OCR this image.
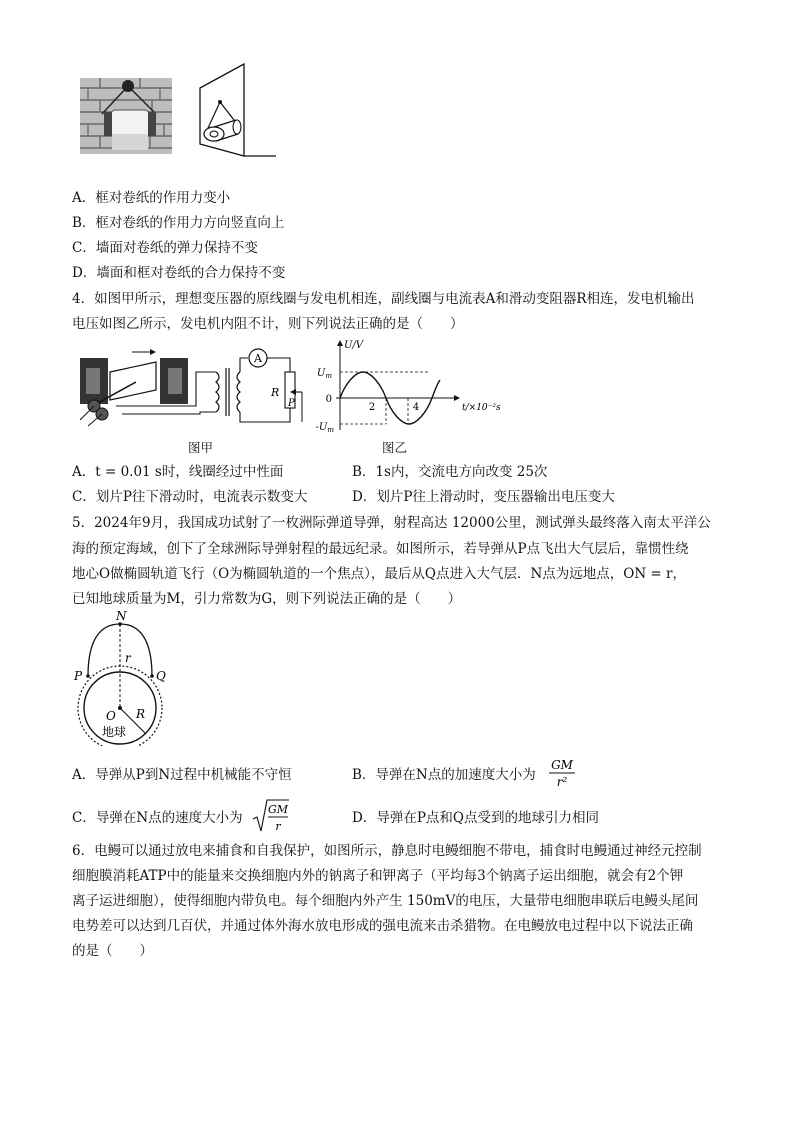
A．框对卷纸的作用力变小
B．框对卷纸的作用力方向竖直向上
C．墙面对卷纸的弹力保持不变
D．墙面和框对卷纸的合力保持不变
4．如图甲所示，理想变压器的原线圈与发电机相连，副线圈与电流表A和滑动变阻器R相连，发电机输出
电压如图乙所示，发电机内阻不计，则下列说法正确的是（　　）
A
R
P
图甲
U/V
t/×10⁻²s
0
$U_m$
$-U_m$
2	4
图乙
A．t = 0.01 s时，线圈经过中性面	B．1s内，交流电方向改变 25次
C．划片P往下滑动时，电流表示数变大	D．划片P往上滑动时，变压器输出电压变大
5．2024年9月，我国成功试射了一枚洲际弹道导弹，射程高达 12000公里，测试弹头最终落入南太平洋公
海的预定海域，创下了全球洲际导弹射程的最远纪录。如图所示，若导弹从P点飞出大气层后，靠惯性绕
地心O做椭圆轨道飞行（O为椭圆轨道的一个焦点），最后从Q点进入大气层．N点为远地点，ON = r，
已知地球质量为M，引力常数为G，则下列说法正确的是（　　）
N
r
P	Q
O R
地球
A．导弹从P到N过程中机械能不守恒	B．导弹在N点的加速度大小为
GM
r²
C．导弹在N点的速度大小为
GM
r
D．导弹在P点和Q点受到的地球引力相同
6．电鳗可以通过放电来捕食和自我保护，如图所示，静息时电鳗细胞不带电，捕食时电鳗通过神经元控制
细胞膜消耗ATP中的能量来交换细胞内外的钠离子和钾离子（平均每3个钠离子运出细胞，就会有2个钾
离子运进细胞），使得细胞内带负电。每个细胞内外产生 150mV的电压，大量带电细胞串联后电鳗头尾间
电势差可以达到几百伏，并通过体外海水放电形成的强电流来击杀猎物。在电鳗放电过程中以下说法正确
的是（　　）
